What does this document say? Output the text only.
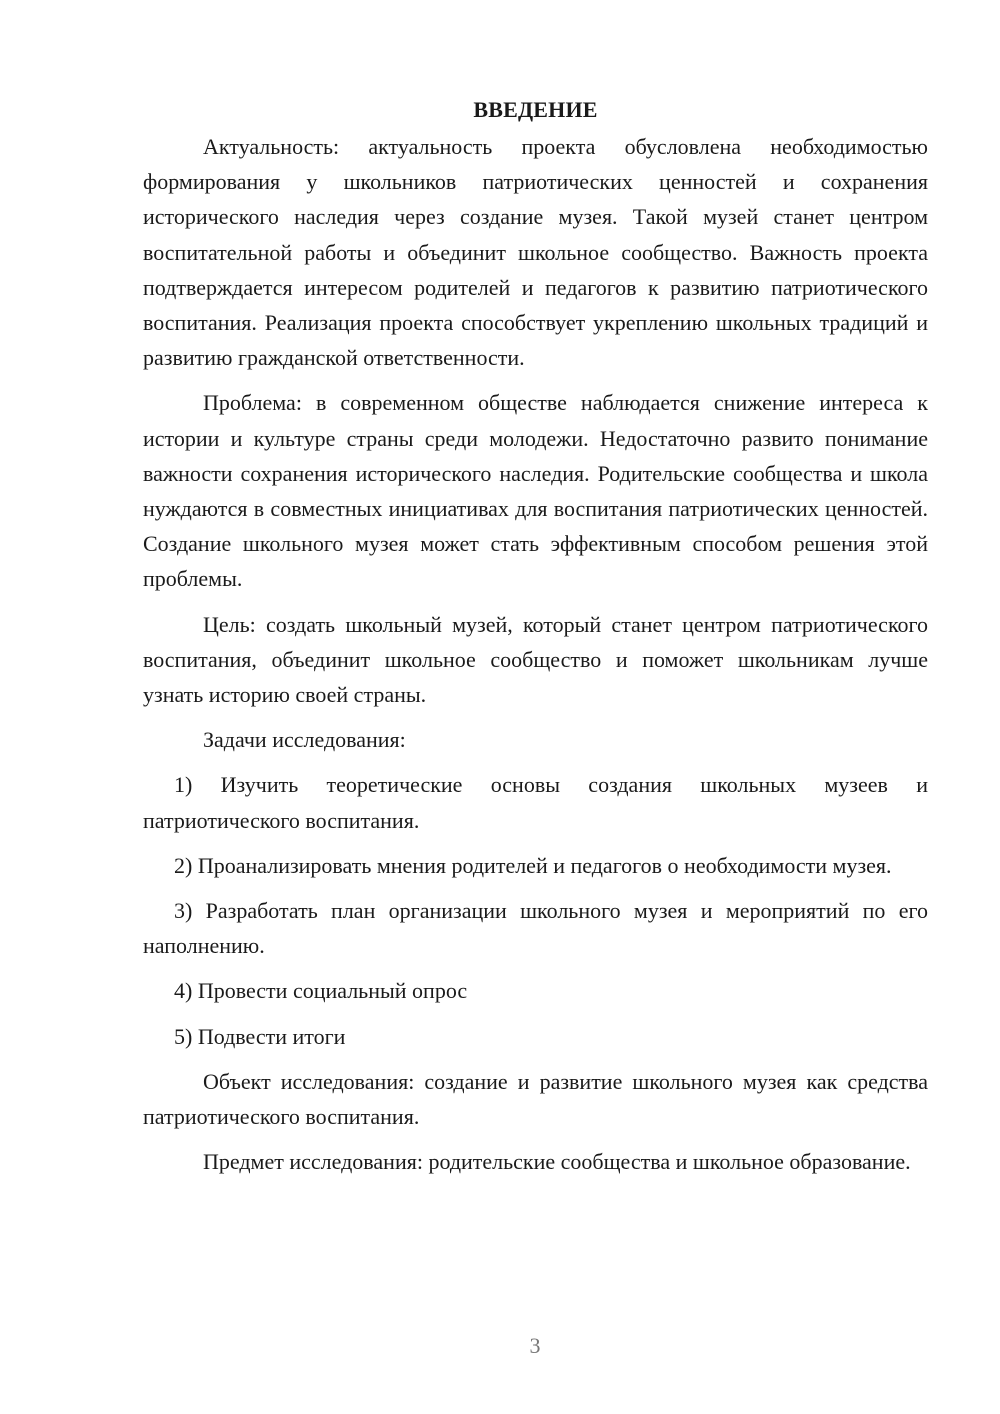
ВВЕДЕНИЕ

Актуальность: актуальность проекта обусловлена необходимостью формирования у школьников патриотических ценностей и сохранения исторического наследия через создание музея. Такой музей станет центром воспитательной работы и объединит школьное сообщество. Важность проекта подтверждается интересом родителей и педагогов к развитию патриотического воспитания. Реализация проекта способствует укреплению школьных традиций и развитию гражданской ответственности.

Проблема: в современном обществе наблюдается снижение интереса к истории и культуре страны среди молодежи. Недостаточно развито понимание важности сохранения исторического наследия. Родительские сообщества и школа нуждаются в совместных инициативах для воспитания патриотических ценностей. Создание школьного музея может стать эффективным способом решения этой проблемы.

Цель: создать школьный музей, который станет центром патриотического воспитания, объединит школьное сообщество и поможет школьникам лучше узнать историю своей страны.

Задачи исследования:

1) Изучить теоретические основы создания школьных музеев и патриотического воспитания.

2) Проанализировать мнения родителей и педагогов о необходимости музея.

3) Разработать план организации школьного музея и мероприятий по его наполнению.

4) Провести социальный опрос

5) Подвести итоги

Объект исследования: создание и развитие школьного музея как средства патриотического воспитания.

Предмет исследования: родительские сообщества и школьное образование.

3
